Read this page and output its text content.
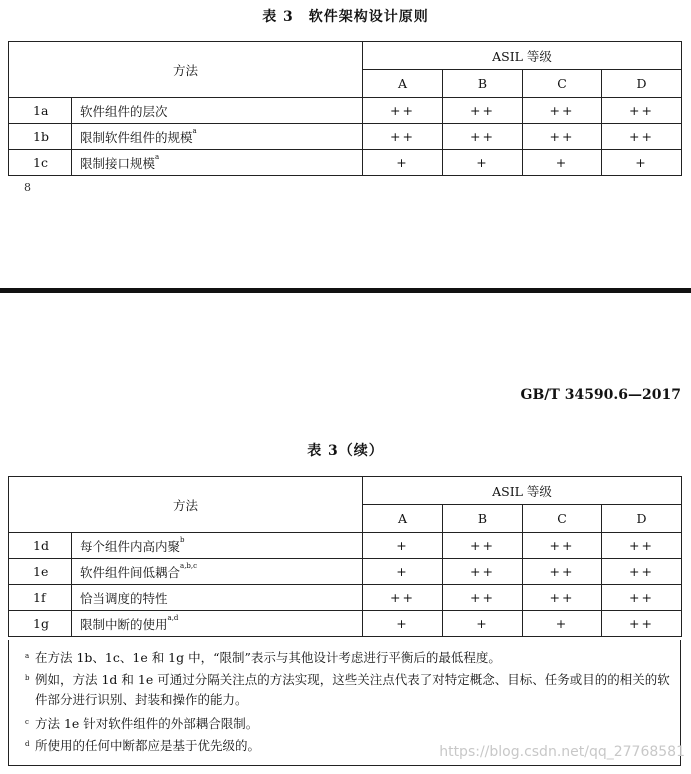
表 3　软件架构设计原则
方法		ASIL 等级			
		A	B	C	D
1a	软件组件的层次	++	++	++	++
1b	限制软件组件的规模$^a$	++	++	++	++
1c	限制接口规模$^a$	+	+	+	+
8
GB/T 34590.6—2017
表 3（续）
方法		ASIL 等级			
		A	B	C	D
1d	每个组件内高内聚$^b$	+	++	++	++
1e	软件组件间低耦合$^{a,b,c}$	+	++	++	++
1f	恰当调度的特性	++	++	++	++
1g	限制中断的使用$^{a,d}$	+	+	+	++
a 在方法 1b、1c、1e 和 1g 中，“限制”表示与其他设计考虑进行平衡后的最低程度。
b 例如，方法 1d 和 1e 可通过分隔关注点的方法实现，这些关注点代表了对特定概念、目标、任务或目的的相关的软件部分进行识别、封装和操作的能力。
c 方法 1e 针对软件组件的外部耦合限制。
d 所使用的任何中断都应是基于优先级的。	https://blog.csdn.net/qq_27768581
